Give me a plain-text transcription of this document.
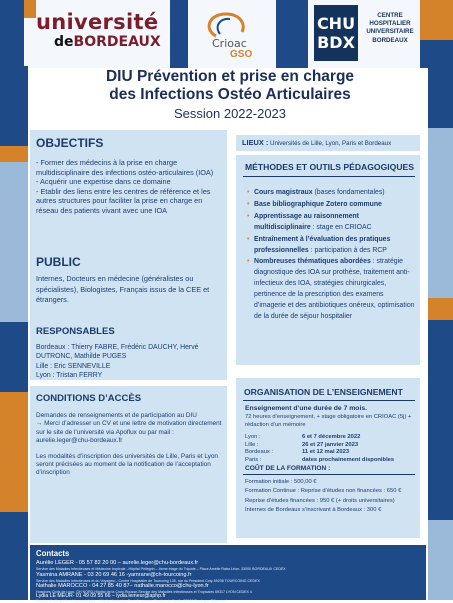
université
deBORDEAUX	Crioac
GSO
CHU BDX
CENTRE HOSPITALIER UNIVERSITAIRE BORDEAUX
DIU Prévention et prise en charge
des Infections Ostéo Articulaires
Session 2022-2023
OBJECTIFS
- Former des médecins à la prise en charge multidisciplinaire des infections ostéo-articulaires (IOA)
- Acquérir une expertise dans ce domaine
- Etablir des liens entre les centres de référence et les autres structures pour faciliter la prise en charge en réseau des patients vivant avec une IOA
PUBLIC
Internes, Docteurs en médecine (généralistes ou spécialistes), Biologistes, Français issus de la CEE et étrangers.
RESPONSABLES
Bordeaux : Thierry FABRE, Frédéric DAUCHY, Hervé DUTRONC, Mathilde PUGES
Lille : Eric SENNEVILLE
Lyon : Tristan FERRY
CONDITIONS D’ACCÈS
Demandes de renseignements et de participation au DIU
→ Merci d’adresser un CV et une lettre de motivation directement sur le site de l’université via Apoflux ou par mail : aurelie.leger@chu-bordeaux.fr
Les modalités d’inscription des universités de Lille, Paris et Lyon seront précisées au moment de la notification de l’acceptation d’inscription
LIEUX : Universités de Lille, Lyon, Paris et Bordeaux
MÉTHODES ET OUTILS PÉDAGOGIQUES
• Cours magistraux (bases fondamentales)
• Base bibliographique Zotero commune
• Apprentissage au raisonnement multidisciplinaire : stage en CRIOAC
• Entraînement à l’évaluation des pratiques professionnelles : participation à des RCP
• Nombreuses thématiques abordées : stratégie diagnostique des IOA sur prothèse, traitement anti-infectieux des IOA, stratégies chirurgicales, pertinence de la prescription des examens d’imagerie et des antibiotiques onéreux, optimisation de la durée de séjour hospitalier
ORGANISATION DE L’ENSEIGNEMENT
Enseignement d’une durée de 7 mois.
72 heures d’enseignement, + stage obligatoire en CRIOAC (5j) + rédaction d’un mémoire
Lyon :	6 et 7 décembre 2022
Lille :	26 et 27 janvier 2023
Bordeaux :	11 et 12 mai 2023
Paris :	dates prochainement disponibles
COÛT DE LA FORMATION :
Formation initiale : 500,00 €
Formation Continue : Reprise d’études non financées : 650 €
Reprise d’études financées : 950 € (+ droits universitaires)
Internes de Bordeaux s’inscrivant à Bordeaux : 300 €
Contacts
Aurélie LEGER - 05 57 82 20 00 – aurelie.leger@chu-bordeaux.fr
Service des Maladies Infectieuses et Médecine tropicale –Hôpital Pellegrin – 4ème étage du Tripode – Place Amélie Raba Léon- 33000 BORDEAUX CEDEX
Yasmina AMRANE - 03 20 69 46 16 -yamrane@ch-tourcoing.fr
Service des Maladies Infectieuses et du Voyageur– Centre Hospitalier de Tourcoing 135, rue du Président Coty-59208 TOURCOING CEDEX
Nathalie MAROCCO - 04 27 85 40 87– nathalie.marocco@chu-lyon.fr
Hospices Civils de Lyon- GH NORD-Hôpital de la Croix-Rousse-Service des Maladies Infectieuses et Tropicales 69317 LYON CEDEX 4
Lydia LE MEUR- 01 49 09 55 66 – lydia.lemeur@aphp.fr
Service d’orthopédie et traumatologie – Hôpital Ambroise-Paré-9, avenue Charles de Gaulle-92100 Boulogne Billancourt
